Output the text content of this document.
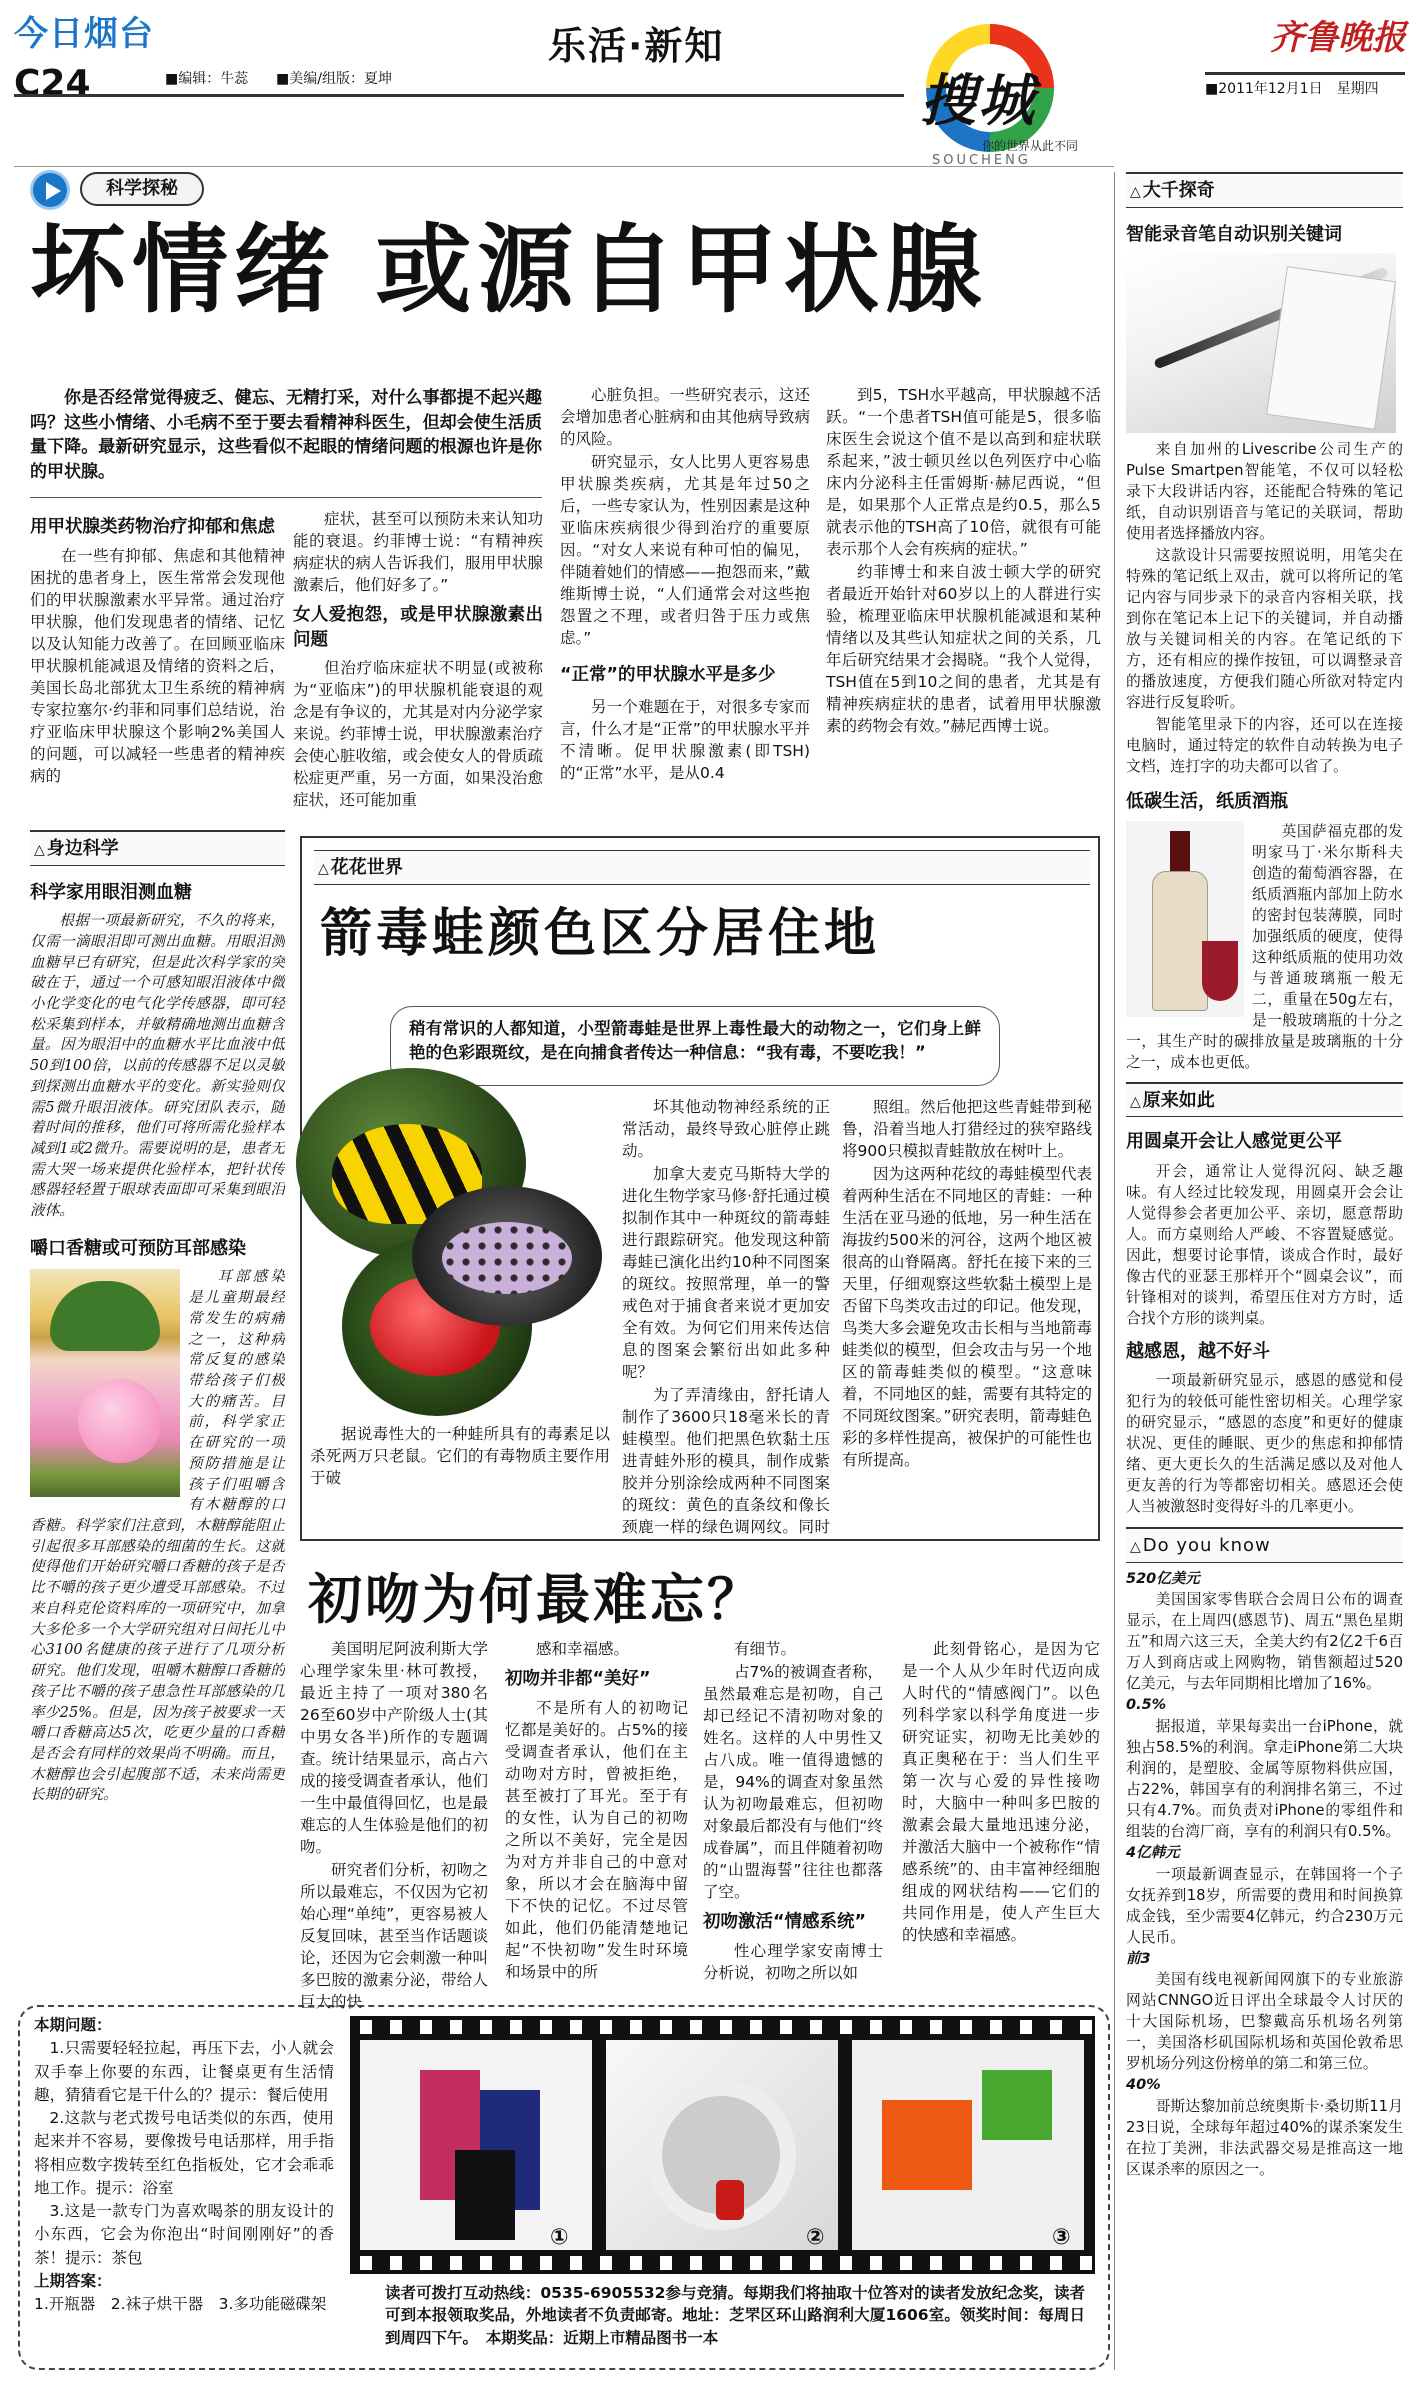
今日烟台
C24	■编辑：牛蕊 ■美编/组版：夏坤
乐活·新知
搜城
你的世界从此不同
SOUCHENG
齐鲁晚报
■2011年12月1日　星期四
科学探秘
坏情绪 或源自甲状腺

你是否经常觉得疲乏、健忘、无精打采，对什么事都提不起兴趣吗？这些小情绪、小毛病不至于要去看精神科医生，但却会使生活质量下降。最新研究显示，这些看似不起眼的情绪问题的根源也许是你的甲状腺。

用甲状腺类药物治疗抑郁和焦虑

在一些有抑郁、焦虑和其他精神困扰的患者身上，医生常常会发现他们的甲状腺激素水平异常。通过治疗甲状腺，他们发现患者的情绪、记忆以及认知能力改善了。在回顾亚临床甲状腺机能减退及情绪的资料之后，美国长岛北部犹太卫生系统的精神病专家拉塞尔·约菲和同事们总结说，治疗亚临床甲状腺这个影响2%美国人的问题，可以减轻一些患者的精神疾病的

症状，甚至可以预防未来认知功能的衰退。约菲博士说：“有精神疾病症状的病人告诉我们，服用甲状腺激素后，他们好多了。”

女人爱抱怨，或是甲状腺激素出问题

但治疗临床症状不明显(或被称为“亚临床”)的甲状腺机能衰退的观念是有争议的，尤其是对内分泌学家来说。约菲博士说，甲状腺激素治疗会使心脏收缩，或会使女人的骨质疏松症更严重，另一方面，如果没治愈症状，还可能加重

心脏负担。一些研究表示，这还会增加患者心脏病和由其他病导致病的风险。

研究显示，女人比男人更容易患甲状腺类疾病，尤其是年过50之后，一些专家认为，性别因素是这种亚临床疾病很少得到治疗的重要原因。“对女人来说有种可怕的偏见，伴随着她们的情感——抱怨而来，”戴维斯博士说，“人们通常会对这些抱怨置之不理，或者归咎于压力或焦虑。”

“正常”的甲状腺水平是多少

另一个难题在于，对很多专家而言，什么才是“正常”的甲状腺水平并不清晰。促甲状腺激素(即TSH)的“正常”水平，是从0.4

到5，TSH水平越高，甲状腺越不活跃。“一个患者TSH值可能是5，很多临床医生会说这个值不是以高到和症状联系起来，”波士顿贝丝以色列医疗中心临床内分泌科主任雷姆斯·赫尼西说，“但是，如果那个人正常点是约0.5，那么5就表示他的TSH高了10倍，就很有可能表示那个人会有疾病的症状。”

约菲博士和来自波士顿大学的研究者最近开始针对60岁以上的人群进行实验，梳理亚临床甲状腺机能减退和某种情绪以及其些认知症状之间的关系，几年后研究结果才会揭晓。“我个人觉得，TSH值在5到10之间的患者，尤其是有精神疾病症状的患者，试着用甲状腺激素的药物会有效。”赫尼西博士说。

△ 身边科学
科学家用眼泪测血糖

根据一项最新研究，不久的将来，仅需一滴眼泪即可测出血糖。用眼泪测血糖早已有研究，但是此次科学家的突破在于，通过一个可感知眼泪液体中微小化学变化的电气化学传感器，即可轻松采集到样本，并敏精确地测出血糖含量。因为眼泪中的血糖水平比血液中低50到100倍，以前的传感器不足以灵敏到探测出血糖水平的变化。新实验则仅需5微升眼泪液体。研究团队表示，随着时间的推移，他们可将所需化验样本减到1或2微升。需要说明的是，患者无需大哭一场来提供化验样本，把针状传感器轻轻置于眼球表面即可采集到眼泪液体。

嚼口香糖或可预防耳部感染

耳部感染是儿童期最经常发生的病痛之一，这种病常反复的感染带给孩子们极大的痛苦。目前，科学家正在研究的一项预防措施是让孩子们咀嚼含有木糖醇的口香糖。科学家们注意到，木糖醇能阻止引起很多耳部感染的细菌的生长。这就使得他们开始研究嚼口香糖的孩子是否比不嚼的孩子更少遭受耳部感染。不过来自科克伦资料库的一项研究中，加拿大多伦多一个大学研究组对日间托儿中心3100名健康的孩子进行了几项分析研究。他们发现，咀嚼木糖醇口香糖的孩子比不嚼的孩子患急性耳部感染的几率少25%。但是，因为孩子被要求一天嚼口香糖高达5次，吃更少量的口香糖是否会有同样的效果尚不明确。而且，木糖醇也会引起腹部不适，未来尚需更长期的研究。

△ 花花世界
箭毒蛙颜色区分居住地
稍有常识的人都知道，小型箭毒蛙是世界上毒性最大的动物之一，它们身上鲜艳的色彩跟斑纹，是在向捕食者传达一种信息：“我有毒，不要吃我！”

据说毒性大的一种蛙所具有的毒素足以杀死两万只老鼠。它们的有毒物质主要作用于破

坏其他动物神经系统的正常活动，最终导致心脏停止跳动。

加拿大麦克马斯特大学的进化生物学家马修·舒托通过模拟制作其中一种斑纹的箭毒蛙进行跟踪研究。他发现这种箭毒蛙已演化出约10种不同图案的斑纹。按照常理，单一的警戒色对于捕食者来说才更加安全有效。为何它们用来传达信息的图案会繁衍出如此多种呢？

为了弄清缘由，舒托请人制作了3600只18毫米长的青蛙模型。他们把黑色软黏土压进青蛙外形的模具，制作成紫胶并分别涂绘成两种不同图案的斑纹：黄色的直条纹和像长颈鹿一样的绿色调网纹。同时

照组。然后他把这些青蛙带到秘鲁，沿着当地人打猎经过的狭窄路线将900只模拟青蛙散放在树叶上。

因为这两种花纹的毒蛙模型代表着两种生活在不同地区的青蛙：一种生活在亚马逊的低地，另一种生活在海拔约500米的河谷，这两个地区被很高的山脊隔离。舒托在接下来的三天里，仔细观察这些软黏土模型上是否留下鸟类攻击过的印记。他发现，鸟类大多会避免攻击长相与当地箭毒蛙类似的模型，但会攻击与另一个地区的箭毒蛙类似的模型。“这意味着，不同地区的蛙，需要有其特定的不同斑纹图案。”研究表明，箭毒蛙色彩的多样性提高，被保护的可能性也有所提高。

初吻为何最难忘？

美国明尼阿波利斯大学心理学家朱里·林可教授，最近主持了一项对380名26至60岁中产阶级人士(其中男女各半)所作的专题调查。统计结果显示，高占六成的接受调查者承认，他们一生中最值得回忆，也是最难忘的人生体验是他们的初吻。

研究者们分析，初吻之所以最难忘，不仅因为它初始心理“单纯”，更容易被人反复回味，甚至当作话题谈论，还因为它会刺激一种叫多巴胺的激素分泌，带给人巨大的快

感和幸福感。

初吻并非都“美好”

不是所有人的初吻记忆都是美好的。占5%的接受调查者承认，他们在主动吻对方时，曾被拒绝，甚至被打了耳光。至于有的女性，认为自己的初吻之所以不美好，完全是因为对方并非自己的中意对象，所以才会在脑海中留下不快的记忆。不过尽管如此，他们仍能清楚地记起“不快初吻”发生时环境和场景中的所

有细节。

占7%的被调查者称，虽然最难忘是初吻，自己却已经记不清初吻对象的姓名。这样的人中男性又占八成。唯一值得遗憾的是，94%的调查对象虽然认为初吻最难忘，但初吻对象最后都没有与他们“终成眷属”，而且伴随着初吻的“山盟海誓”往往也都落了空。

初吻激活“情感系统”

性心理学家安南博士分析说，初吻之所以如

此刻骨铭心，是因为它是一个人从少年时代迈向成人时代的“情感阀门”。以色列科学家以科学角度进一步研究证实，初吻无比美妙的真正奥秘在于：当人们生平第一次与心爱的异性接吻时，大脑中一种叫多巴胺的激素会最大量地迅速分泌，并激活大脑中一个被称作“情感系统”的、由丰富神经细胞组成的网状结构——它们的共同作用是，使人产生巨大的快感和幸福感。

本期问题：
1.只需要轻轻拉起，再压下去，小人就会双手奉上你要的东西，让餐桌更有生活情趣，猜猜看它是干什么的？提示：餐后使用
2.这款与老式拨号电话类似的东西，使用起来并不容易，要像拨号电话那样，用手指将相应数字拨转至红色指板处，它才会乖乖地工作。提示：浴室
3.这是一款专门为喜欢喝茶的朋友设计的小东西，它会为你泡出“时间刚刚好”的香茶！提示：茶包
上期答案：
1.开瓶器　2.袜子烘干器　3.多功能磁碟架
①	②	③
读者可拨打互动热线：0535-6905532参与竞猜。每期我们将抽取十位答对的读者发放纪念奖，读者可到本报领取奖品，外地读者不负责邮寄。地址：芝罘区环山路润利大厦1606室。领奖时间：每周日到周四下午。　本期奖品：近期上市精品图书一本
△ 大千探奇
智能录音笔自动识别关键词

来自加州的Livescribe公司生产的Pulse Smartpen智能笔，不仅可以轻松录下大段讲话内容，还能配合特殊的笔记纸，自动识别语音与笔记的关联词，帮助使用者选择播放内容。

这款设计只需要按照说明，用笔尖在特殊的笔记纸上双击，就可以将所记的笔记内容与同步录下的录音内容相关联，找到你在笔记本上记下的关键词，并自动播放与关键词相关的内容。在笔记纸的下方，还有相应的操作按钮，可以调整录音的播放速度，方便我们随心所欲对特定内容进行反复聆听。

智能笔里录下的内容，还可以在连接电脑时，通过特定的软件自动转换为电子文档，连打字的功夫都可以省了。

低碳生活，纸质酒瓶

英国萨福克郡的发明家马丁·米尔斯科夫创造的葡萄酒容器，在纸质酒瓶内部加上防水的密封包装薄膜，同时加强纸质的硬度，使得这种纸质瓶的使用功效与普通玻璃瓶一般无二，重量在50g左右，是一般玻璃瓶的十分之一，其生产时的碳排放量是玻璃瓶的十分之一，成本也更低。

△ 原来如此
用圆桌开会让人感觉更公平

开会，通常让人觉得沉闷、缺乏趣味。有人经过比较发现，用圆桌开会会让人觉得参会者更加公平、亲切，愿意帮助人。而方桌则给人严峻、不容置疑感觉。因此，想要讨论事情，谈成合作时，最好像古代的亚瑟王那样开个“圆桌会议”，而针锋相对的谈判，希望压住对方方时，适合找个方形的谈判桌。

越感恩，越不好斗

一项最新研究显示，感恩的感觉和侵犯行为的较低可能性密切相关。心理学家的研究显示，“感恩的态度”和更好的健康状况、更佳的睡眠、更少的焦虑和抑郁情绪、更大更长久的生活满足感以及对他人更友善的行为等都密切相关。感恩还会使人当被激怒时变得好斗的几率更小。

△ Do you know
520亿美元

美国国家零售联合会周日公布的调查显示，在上周四(感恩节)、周五“黑色星期五”和周六这三天，全美大约有2亿2千6百万人到商店或上网购物，销售额超过520亿美元，与去年同期相比增加了16%。

0.5%

据报道，苹果每卖出一台iPhone，就独占58.5%的利润。拿走iPhone第二大块利润的，是塑胶、金属等原物料供应国，占22%，韩国享有的利润排名第三，不过只有4.7%。而负责对iPhone的零组件和组装的台湾厂商，享有的利润只有0.5%。

4亿韩元

一项最新调查显示，在韩国将一个子女抚养到18岁，所需要的费用和时间换算成金钱，至少需要4亿韩元，约合230万元人民币。

前3

美国有线电视新闻网旗下的专业旅游网站CNNGO近日评出全球最令人讨厌的十大国际机场，巴黎戴高乐机场名列第一，美国洛杉矶国际机场和英国伦敦希思罗机场分列这份榜单的第二和第三位。

40%

哥斯达黎加前总统奥斯卡·桑切斯11月23日说，全球每年超过40%的谋杀案发生在拉丁美洲，非法武器交易是推高这一地区谋杀率的原因之一。
